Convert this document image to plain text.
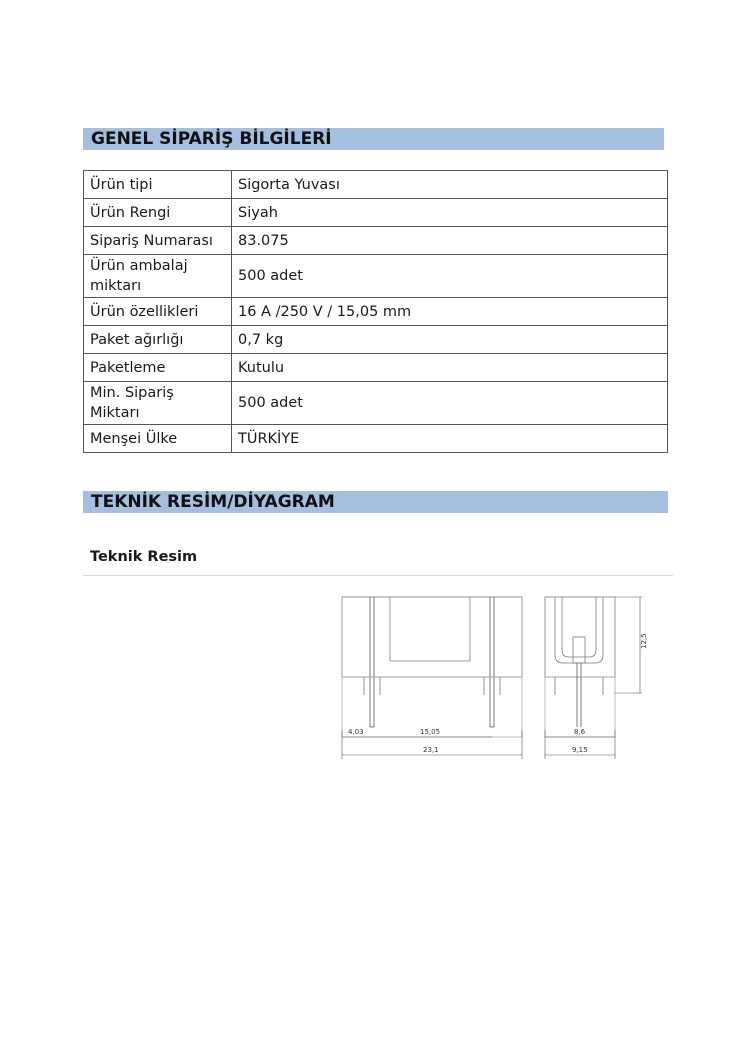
GENEL SİPARİŞ BİLGİLERİ
Ürün tipi	Sigorta Yuvası
Ürün Rengi	Siyah
Sipariş Numarası	83.075
Ürün ambalaj miktarı	500 adet
Ürün özellikleri	16 A /250 V / 15,05 mm
Paket ağırlığı	0,7 kg
Paketleme	Kutulu
Min. Sipariş Miktarı	500 adet
Menşei Ülke	TÜRKİYE
TEKNİK RESİM/DİYAGRAM
Teknik Resim
4,03	15,05
23,1
12,5
8,6
9,15
